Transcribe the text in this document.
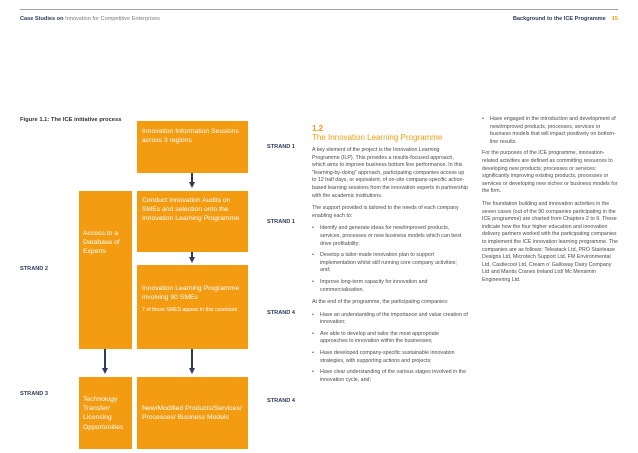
Case Studies on Innovation for Competitive Enterprises	Background to the ICE Programme 15
Figure 1.1: The ICE initiative process
Innovation Information Sessions across 3 regions
Conduct Innovation Audits on SMEs and selection onto the Innovation Learning Programme
Innovation Learning Programme involving 90 SMEs
7 of these SMES appear in this casebook
New/Modified Products/Services/ Processes/ Business Models
Access to a Database of Experts
Technology Transfer/ Licensing Opportunities
STRAND 1
STRAND 1
STRAND 4
STRAND 4
STRAND 2
STRAND 3
1.2
The Innovation Learning Programme

A key element of the project is the Innovation Learning Programme (ILP). This provides a results-focused approach, which aims to improve business bottom line performance. In this "learning-by-doing" approach, participating companies access up to 12 half days, or equivalent, of on-site company-specific action-based learning sessions from the innovation experts in partnership with the academic institutions.

The support provided is tailored to the needs of each company enabling each to:

• Identify and generate ideas for new/improved products, services, processes or new business models which can best drive profitability;
• Develop a tailor-made innovation plan to support implementation whilst still running core company activities; and;
• Improve long-term capacity for innovation and commercialisation.

At the end of the programme, the participating companies:

• Have an understanding of the importance and value creation of innovation;
• Are able to develop and tailor the most appropriate approaches to innovation within the businesses;
• Have developed company-specific sustainable innovation strategies, with supporting actions and projects;
• Have clear understanding of the various stages involved in the innovation cycle, and;
• Have engaged in the introduction and development of new/improved products, processes, services or business models that will impact positively on bottom-line results.

For the purposes of the ICE programme, innovation-related activities are defined as committing resources to developing new products; processes or services; significantly improving existing products, processes or services or developing new niches or business models for the firm.

The foundation building and innovation activities in the seven cases (out of the 90 companies participating in the ICE programme) are charted from Chapters 2 to 9. These indicate how the four higher education and innovation delivery partners worked with the participating companies to implement the ICE innovation learning programme. The companies are as follows: Teleatack Ltd, PRO Stairlease Designs Ltd, Microtech Support Ltd, FM Environmental Ltd, Castlecool Ltd, Cream o' Galloway Dairy Company Ltd and Mantis Cranes Ireland Ltd/ Mc Mensimin Engineering Ltd.
